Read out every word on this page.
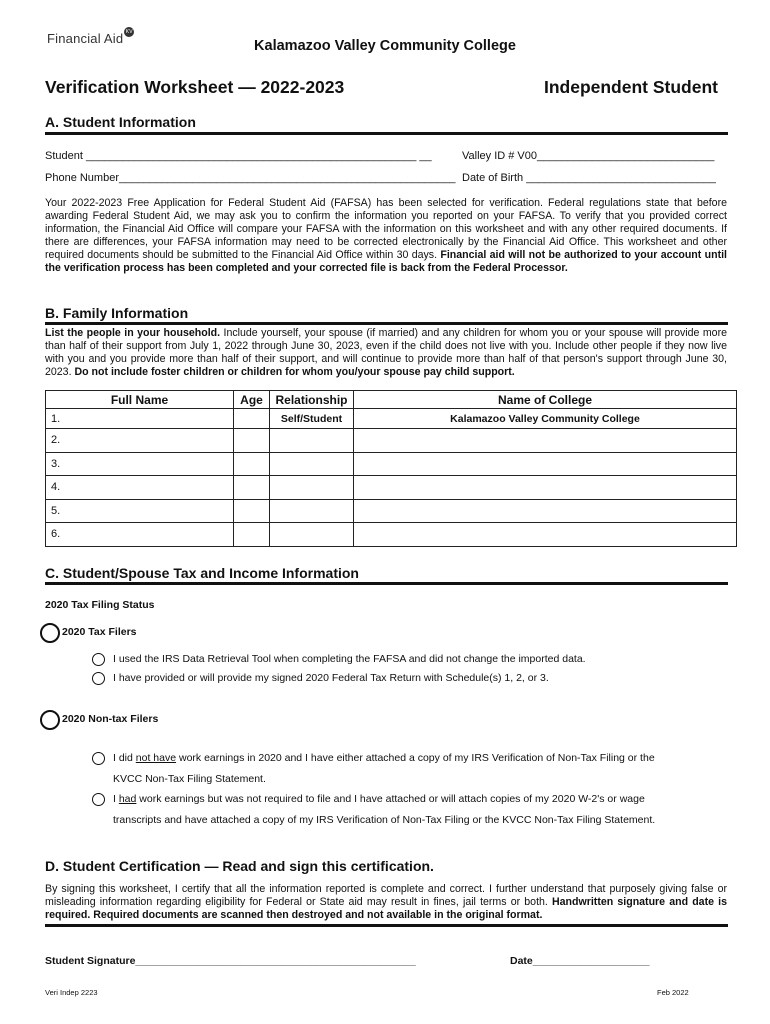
Financial Aid KV
Kalamazoo Valley Community College
Verification Worksheet — 2022-2023	Independent Student
A. Student Information
Student ______________________________________________________ __	Valley ID # V00_____________________________
Phone Number_______________________________________________________ Date of Birth _______________________________
Your 2022-2023 Free Application for Federal Student Aid (FAFSA) has been selected for verification. Federal regulations state that before awarding Federal Student Aid, we may ask you to confirm the information you reported on your FAFSA. To verify that you provided correct information, the Financial Aid Office will compare your FAFSA with the information on this worksheet and with any other required documents. If there are differences, your FAFSA information may need to be corrected electronically by the Financial Aid Office. This worksheet and other required documents should be submitted to the Financial Aid Office within 30 days. Financial aid will not be authorized to your account until the verification process has been completed and your corrected file is back from the Federal Processor.
B. Family Information
List the people in your household. Include yourself, your spouse (if married) and any children for whom you or your spouse will provide more than half of their support from July 1, 2022 through June 30, 2023, even if the child does not live with you. Include other people if they now live with you and you provide more than half of their support, and will continue to provide more than half of that person's support through June 30, 2023. Do not include foster children or children for whom you/your spouse pay child support.
Full Name	Age	Relationship	Name of College
1.		Self/Student	Kalamazoo Valley Community College
2.			
3.			
4.			
5.			
6.			
C. Student/Spouse Tax and Income Information
2020 Tax Filing Status
2020 Tax Filers
I used the IRS Data Retrieval Tool when completing the FAFSA and did not change the imported data.
I have provided or will provide my signed 2020 Federal Tax Return with Schedule(s) 1, 2, or 3.
2020 Non-tax Filers
I did not have work earnings in 2020 and I have either attached a copy of my IRS Verification of Non-Tax Filing or the
KVCC Non-Tax Filing Statement.
I had work earnings but was not required to file and I have attached or will attach copies of my 2020 W-2's or wage
transcripts and have attached a copy of my IRS Verification of Non-Tax Filing or the KVCC Non-Tax Filing Statement.
D. Student Certification — Read and sign this certification.
By signing this worksheet, I certify that all the information reported is complete and correct. I further understand that purposely giving false or misleading information regarding eligibility for Federal or State aid may result in fines, jail terms or both. Handwritten signature and date is required. Required documents are scanned then destroyed and not available in the original format.
Student Signature________________________________________________	Date____________________
Veri Indep 2223	Feb 2022
